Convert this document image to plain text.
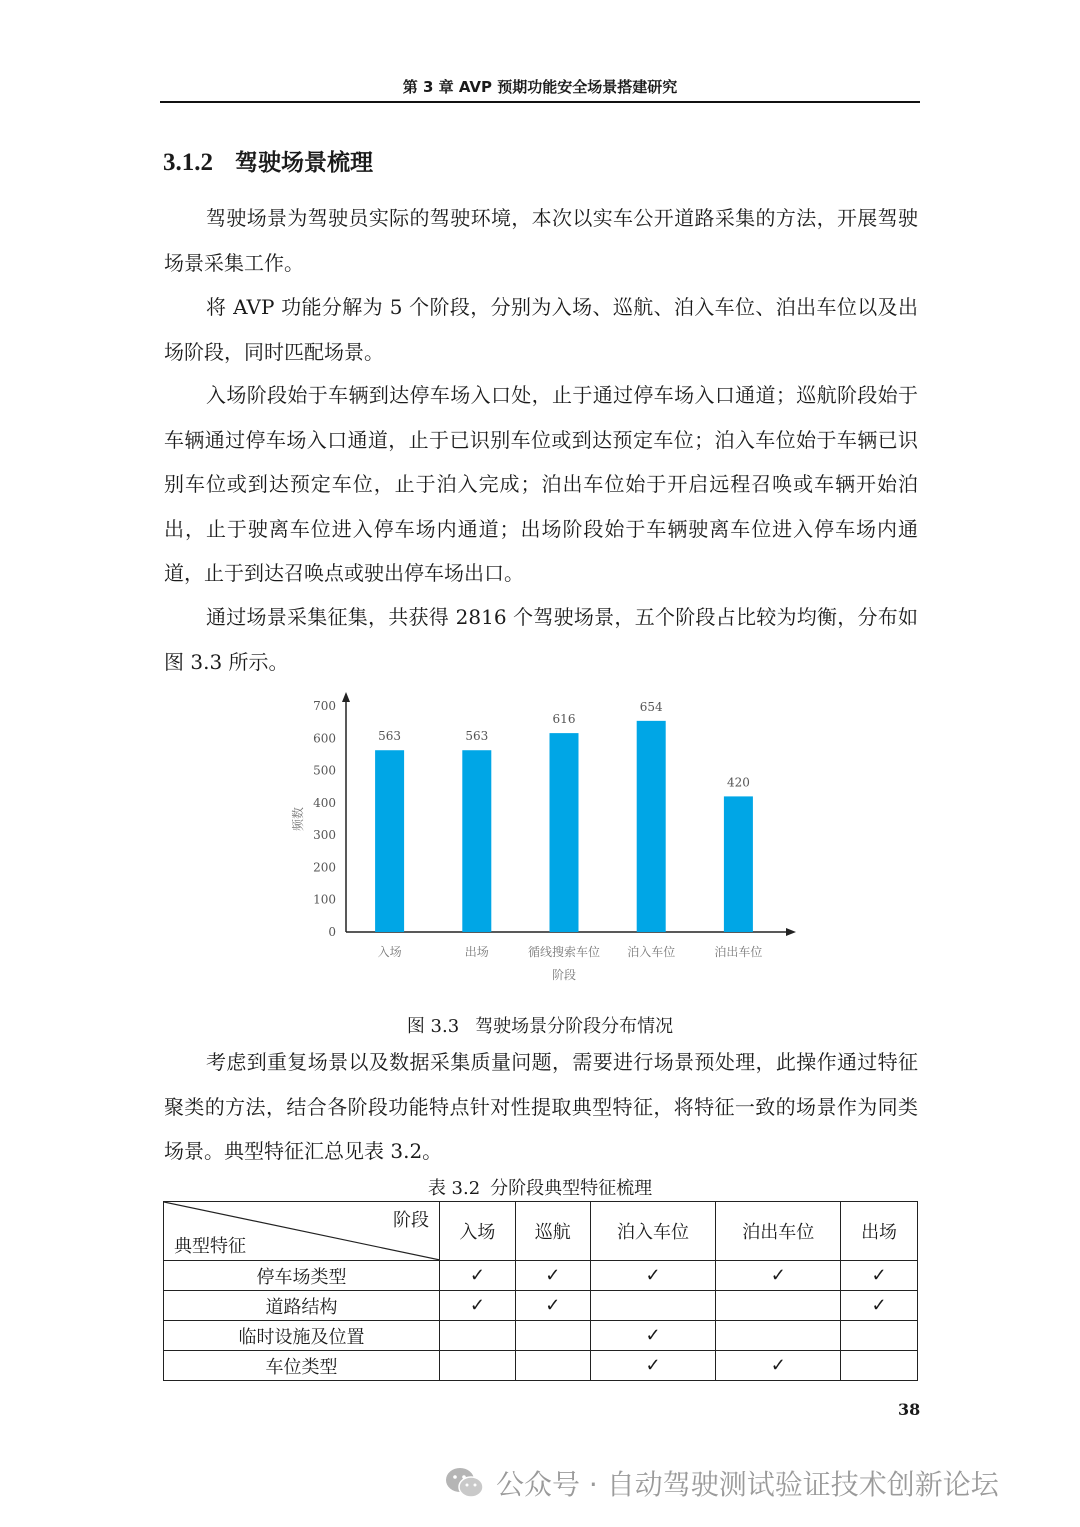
第 3 章 AVP 预期功能安全场景搭建研究
3.1.2 驾驶场景梳理

驾驶场景为驾驶员实际的驾驶环境，本次以实车公开道路采集的方法，开展驾驶场景采集工作。

将 AVP 功能分解为 5 个阶段，分别为入场、巡航、泊入车位、泊出车位以及出场阶段，同时匹配场景。

入场阶段始于车辆到达停车场入口处，止于通过停车场入口通道；巡航阶段始于车辆通过停车场入口通道，止于已识别车位或到达预定车位；泊入车位始于车辆已识别车位或到达预定车位，止于泊入完成；泊出车位始于开启远程召唤或车辆开始泊出，止于驶离车位进入停车场内通道；出场阶段始于车辆驶离车位进入停车场内通道，止于到达召唤点或驶出停车场出口。

通过场景采集征集，共获得 2816 个驾驶场景，五个阶段占比较为均衡，分布如图 3.3 所示。

0
100
200
300
400
500
600
700
频数
563
入场
563
出场
616
循线搜索车位
654
泊入车位
420
泊出车位
阶段
图 3.3 驾驶场景分阶段分布情况

考虑到重复场景以及数据采集质量问题，需要进行场景预处理，此操作通过特征聚类的方法，结合各阶段功能特点针对性提取典型特征，将特征一致的场景作为同类场景。典型特征汇总见表 3.2。

表 3.2 分阶段典型特征梳理
阶段
典型特征	入场	巡航	泊入车位	泊出车位	出场
停车场类型	✓	✓	✓	✓	✓
道路结构	✓	✓			✓
临时设施及位置			✓		
车位类型			✓	✓	
38
公众号 · 自动驾驶测试验证技术创新论坛
